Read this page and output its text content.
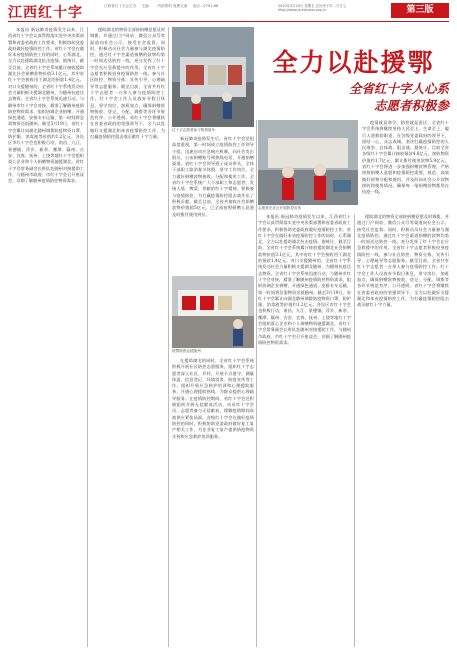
江西红十字	江西省红十字会主办 主编： 内部资料 免费交流 电话：0791-86	2020年3月20日 星期五 农历庚子年二月廿七 http://www.jxredcross.org.cn	第三版

本报讯 新冠肺炎疫情发生以来，江西省红十字会认真贯彻落实党中央决策部署和省委省政府工作要求，积极协助党委政府做好疫情防控工作。省红十字会在做好本省疫情防控工作的同时，心系湖北，全力以赴援助湖北抗击疫情。据统计，截至目前，全省红十字会系统累计接收援助湖北社会捐赠款物价值3.1亿元，其中省红十字会接收用于湖北的捐款1.4亿元。对口支援随州的，全省红十字系统发动社会力量积极支援湖北随州，为随州抗疫送去物资。全省红十字会系统迅速行动，与随州市红十字会对接，精准了解随州疫情防控物资需求，组织协调企业捐赠、开通绿色通道、安排专车运输，第一时间将急需物资送抵随州。截至3月19日，省红十字会累计向湖北随州调拨防疫物资口罩、防护服、消毒液等价值约1.2亿元。各设区市红十字会也积极行动，南昌、九江、景德镇、萍乡、新余、鹰潭、赣州、吉安、宜春、抚州、上饶等地红十字会组织爱心企业和个人捐赠物资驰援湖北。省红十字会常务副会长带队赴随州对接援助工作，与随州市政府、市红十字会召开座谈会，详细了解随州疫情防控物资需求。

援助湖北的物资全部按捐赠意愿及时调拨，并通过门户网站、微信公众号等渠道向社会公示，接受社会监督。同时，积极动员社会力量参与湖北疫情防控，通过红十字会渠道捐赠的款物均第一时间送达防控一线，充分发挥了红十字会在应急救援中的作用。全省红十字志愿者积极投身疫情防控一线，参与社区防控、物资分拣、宣传引导、心理疏导等志愿服务。截至目前，全省共有红十字志愿者一万余人参与疫情防控工作。红十字会工作人员放弃节假日休息，坚守岗位，加班加点，确保捐赠款物接收、登记、分配、调拨等各环节规范有序、公开透明。省红十字会将继续在省委省政府的坚强领导下，全力以赴做好支援湖北和本省疫情防控工作，为打赢疫情防控阻击战贡献红十字力量。

红十字志愿者参与物资装车

新冠肺炎疫情发生后，省红十字会党组高度重视，第一时间成立疫情防控工作领导小组，迅速启动应急响应机制，向社会发出倡议，公布捐赠账号和热线电话，开通捐赠渠道。省红十字会领导班子成员带头，全体干部职工取消春节休假，坚守工作岗位，全力做好捐赠款物接收、分配和使用工作。全省红十字会系统广大干部职工和志愿者，发扬人道、博爱、奉献的红十字精神，积极参与疫情防控，为打赢疫情防控阻击战作出了积极贡献。截至目前，全省共接收社会捐赠款物价值超5亿元，已全部按照捐赠人意愿及时拨付使用到位。

全力以赴援鄂
全省红十字人心系
志愿者积极参

疫情就是命令，防控就是责任。全省红十字会系统将继续坚持人民至上、生命至上，履行人道救助职责，在各级党委政府的领导下，团结一心，众志成城，坚决打赢疫情防控的人民战争、总体战、阻击战。据统计，目前全省各级红十字会累计接收捐款4.8亿元，接收物资价值约1.7亿元，累计拨付使用款物5.9亿元。省红十字会将进一步加强捐赠款物管理，严格按照捐赠人意愿和疫情防控需要，规范、高效做好款物分配和使用，并及时向社会公开款物接收和使用情况，确保每一笔捐赠款物都用在抗疫一线。

志愿者在社区开展防控宣传
援鄂物资运抵随州

在援助湖北的同时，全省红十字会系统积极开展社区防控志愿服务，组织红十字志愿者深入社区、乡村，开展卡点值守、测量体温、信息登记、环境消杀、防疫宣传等工作。组织开展应急救护培训和心理援助服务，开通心理援助热线，为群众提供心理疏导服务。在疫情防控期间，省红十字会还积极组织开展无偿献血活动，动员红十字会员、志愿者参与无偿献血，缓解疫情期间血液供应紧张局面。各级红十字会在做好疫情防控的同时，积极协助党委政府做好复工复产相关工作，为企业复工复产提供防疫物资支持和应急救护培训服务。

本报讯 新冠肺炎疫情发生以来，江西省红十字会认真贯彻落实党中央决策部署和省委省政府工作要求，积极协助党委政府做好疫情防控工作。省红十字会在做好本省疫情防控工作的同时，心系湖北，全力以赴援助湖北抗击疫情。据统计，截至目前，全省红十字会系统累计接收援助湖北社会捐赠款物价值3.1亿元，其中省红十字会接收用于湖北的捐款1.4亿元。对口支援随州的，全省红十字系统发动社会力量积极支援湖北随州，为随州抗疫送去物资。全省红十字会系统迅速行动，与随州市红十字会对接，精准了解随州疫情防控物资需求，组织协调企业捐赠、开通绿色通道、安排专车运输，第一时间将急需物资送抵随州。截至3月19日，省红十字会累计向湖北随州调拨防疫物资口罩、防护服、消毒液等价值约1.2亿元。各设区市红十字会也积极行动，南昌、九江、景德镇、萍乡、新余、鹰潭、赣州、吉安、宜春、抚州、上饶等地红十字会组织爱心企业和个人捐赠物资驰援湖北。省红十字会常务副会长带队赴随州对接援助工作，与随州市政府、市红十字会召开座谈会，详细了解随州疫情防控物资需求。

援助湖北的物资全部按捐赠意愿及时调拨，并通过门户网站、微信公众号等渠道向社会公示，接受社会监督。同时，积极动员社会力量参与湖北疫情防控，通过红十字会渠道捐赠的款物均第一时间送达防控一线，充分发挥了红十字会在应急救援中的作用。全省红十字志愿者积极投身疫情防控一线，参与社区防控、物资分拣、宣传引导、心理疏导等志愿服务。截至目前，全省共有红十字志愿者一万余人参与疫情防控工作。红十字会工作人员放弃节假日休息，坚守岗位，加班加点，确保捐赠款物接收、登记、分配、调拨等各环节规范有序、公开透明。省红十字会将继续在省委省政府的坚强领导下，全力以赴做好支援湖北和本省疫情防控工作，为打赢疫情防控阻击战贡献红十字力量。
